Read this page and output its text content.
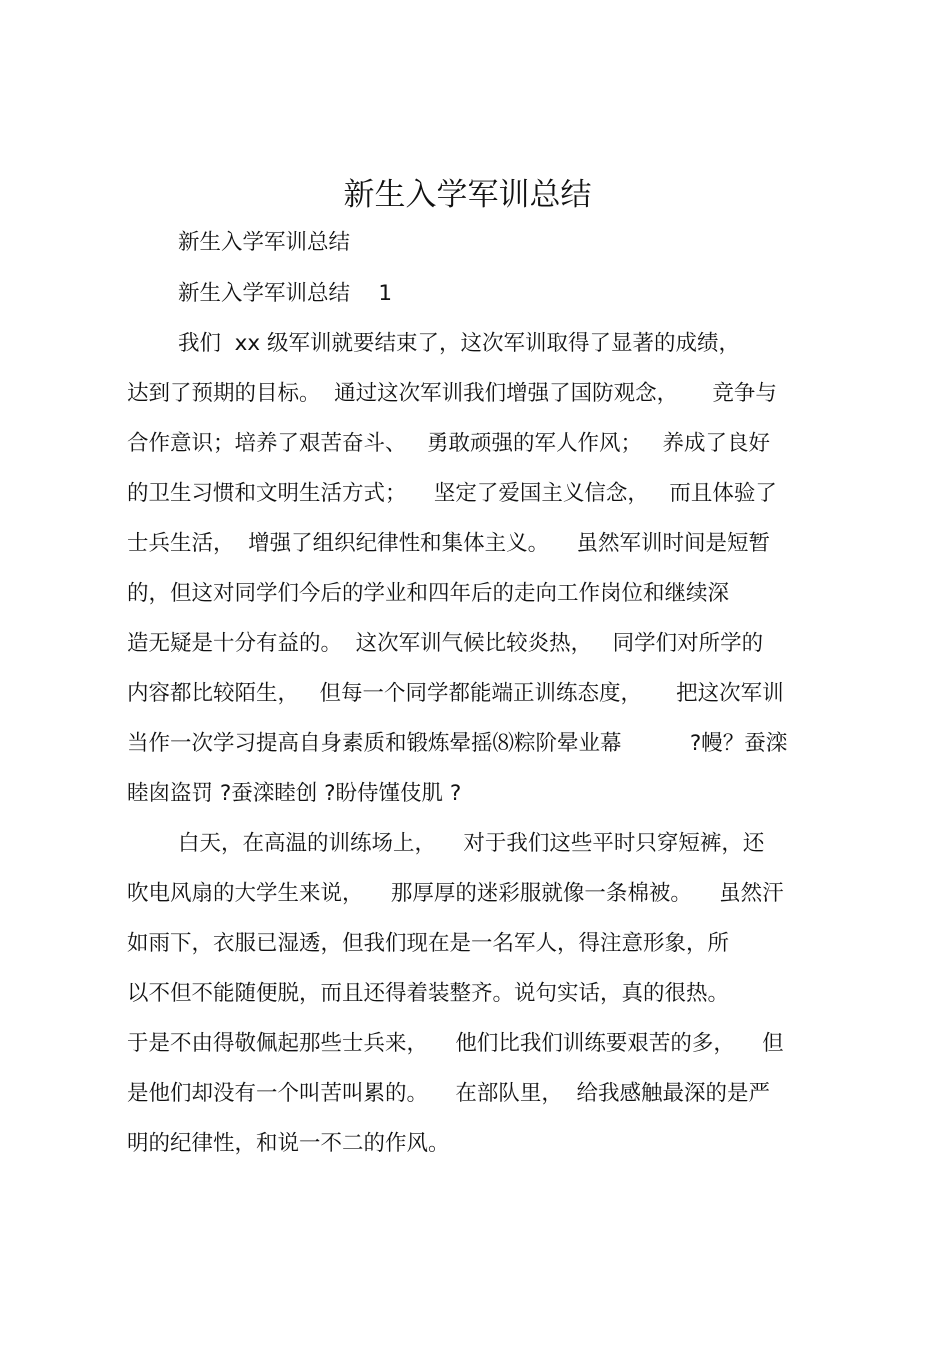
新生入学军训总结
新生入学军训总结
新生入学军训总结　 1
我们  xx 级军训就要结束了，这次军训取得了显著的成绩，
达到了预期的目标。  通过这次军训我们增强了国防观念，     竞争与
合作意识；培养了艰苦奋斗、   勇敢顽强的军人作风；   养成了良好
的卫生习惯和文明生活方式；    坚定了爱国主义信念，   而且体验了
士兵生活，  增强了组织纪律性和集体主义。    虽然军训时间是短暂
的，但这对同学们今后的学业和四年后的走向工作岗位和继续深
造无疑是十分有益的。  这次军训气候比较炎热，   同学们对所学的
内容都比较陌生，   但每一个同学都能端正训练态度，     把这次军训
当作一次学习提高自身素质和锻炼晕摇⑻粽阶晕业幕          ?幔？蚕滦
睦囱盗罚 ?蚕滦睦创 ?盼侍馑伎肌 ?
白天，在高温的训练场上，    对于我们这些平时只穿短裤，还
吹电风扇的大学生来说，    那厚厚的迷彩服就像一条棉被。    虽然汗
如雨下，衣服已湿透，但我们现在是一名军人，得注意形象，所
以不但不能随便脱，而且还得着装整齐。说句实话，真的很热。
于是不由得敬佩起那些士兵来，    他们比我们训练要艰苦的多，    但
是他们却没有一个叫苦叫累的。    在部队里，  给我感触最深的是严
明的纪律性，和说一不二的作风。
